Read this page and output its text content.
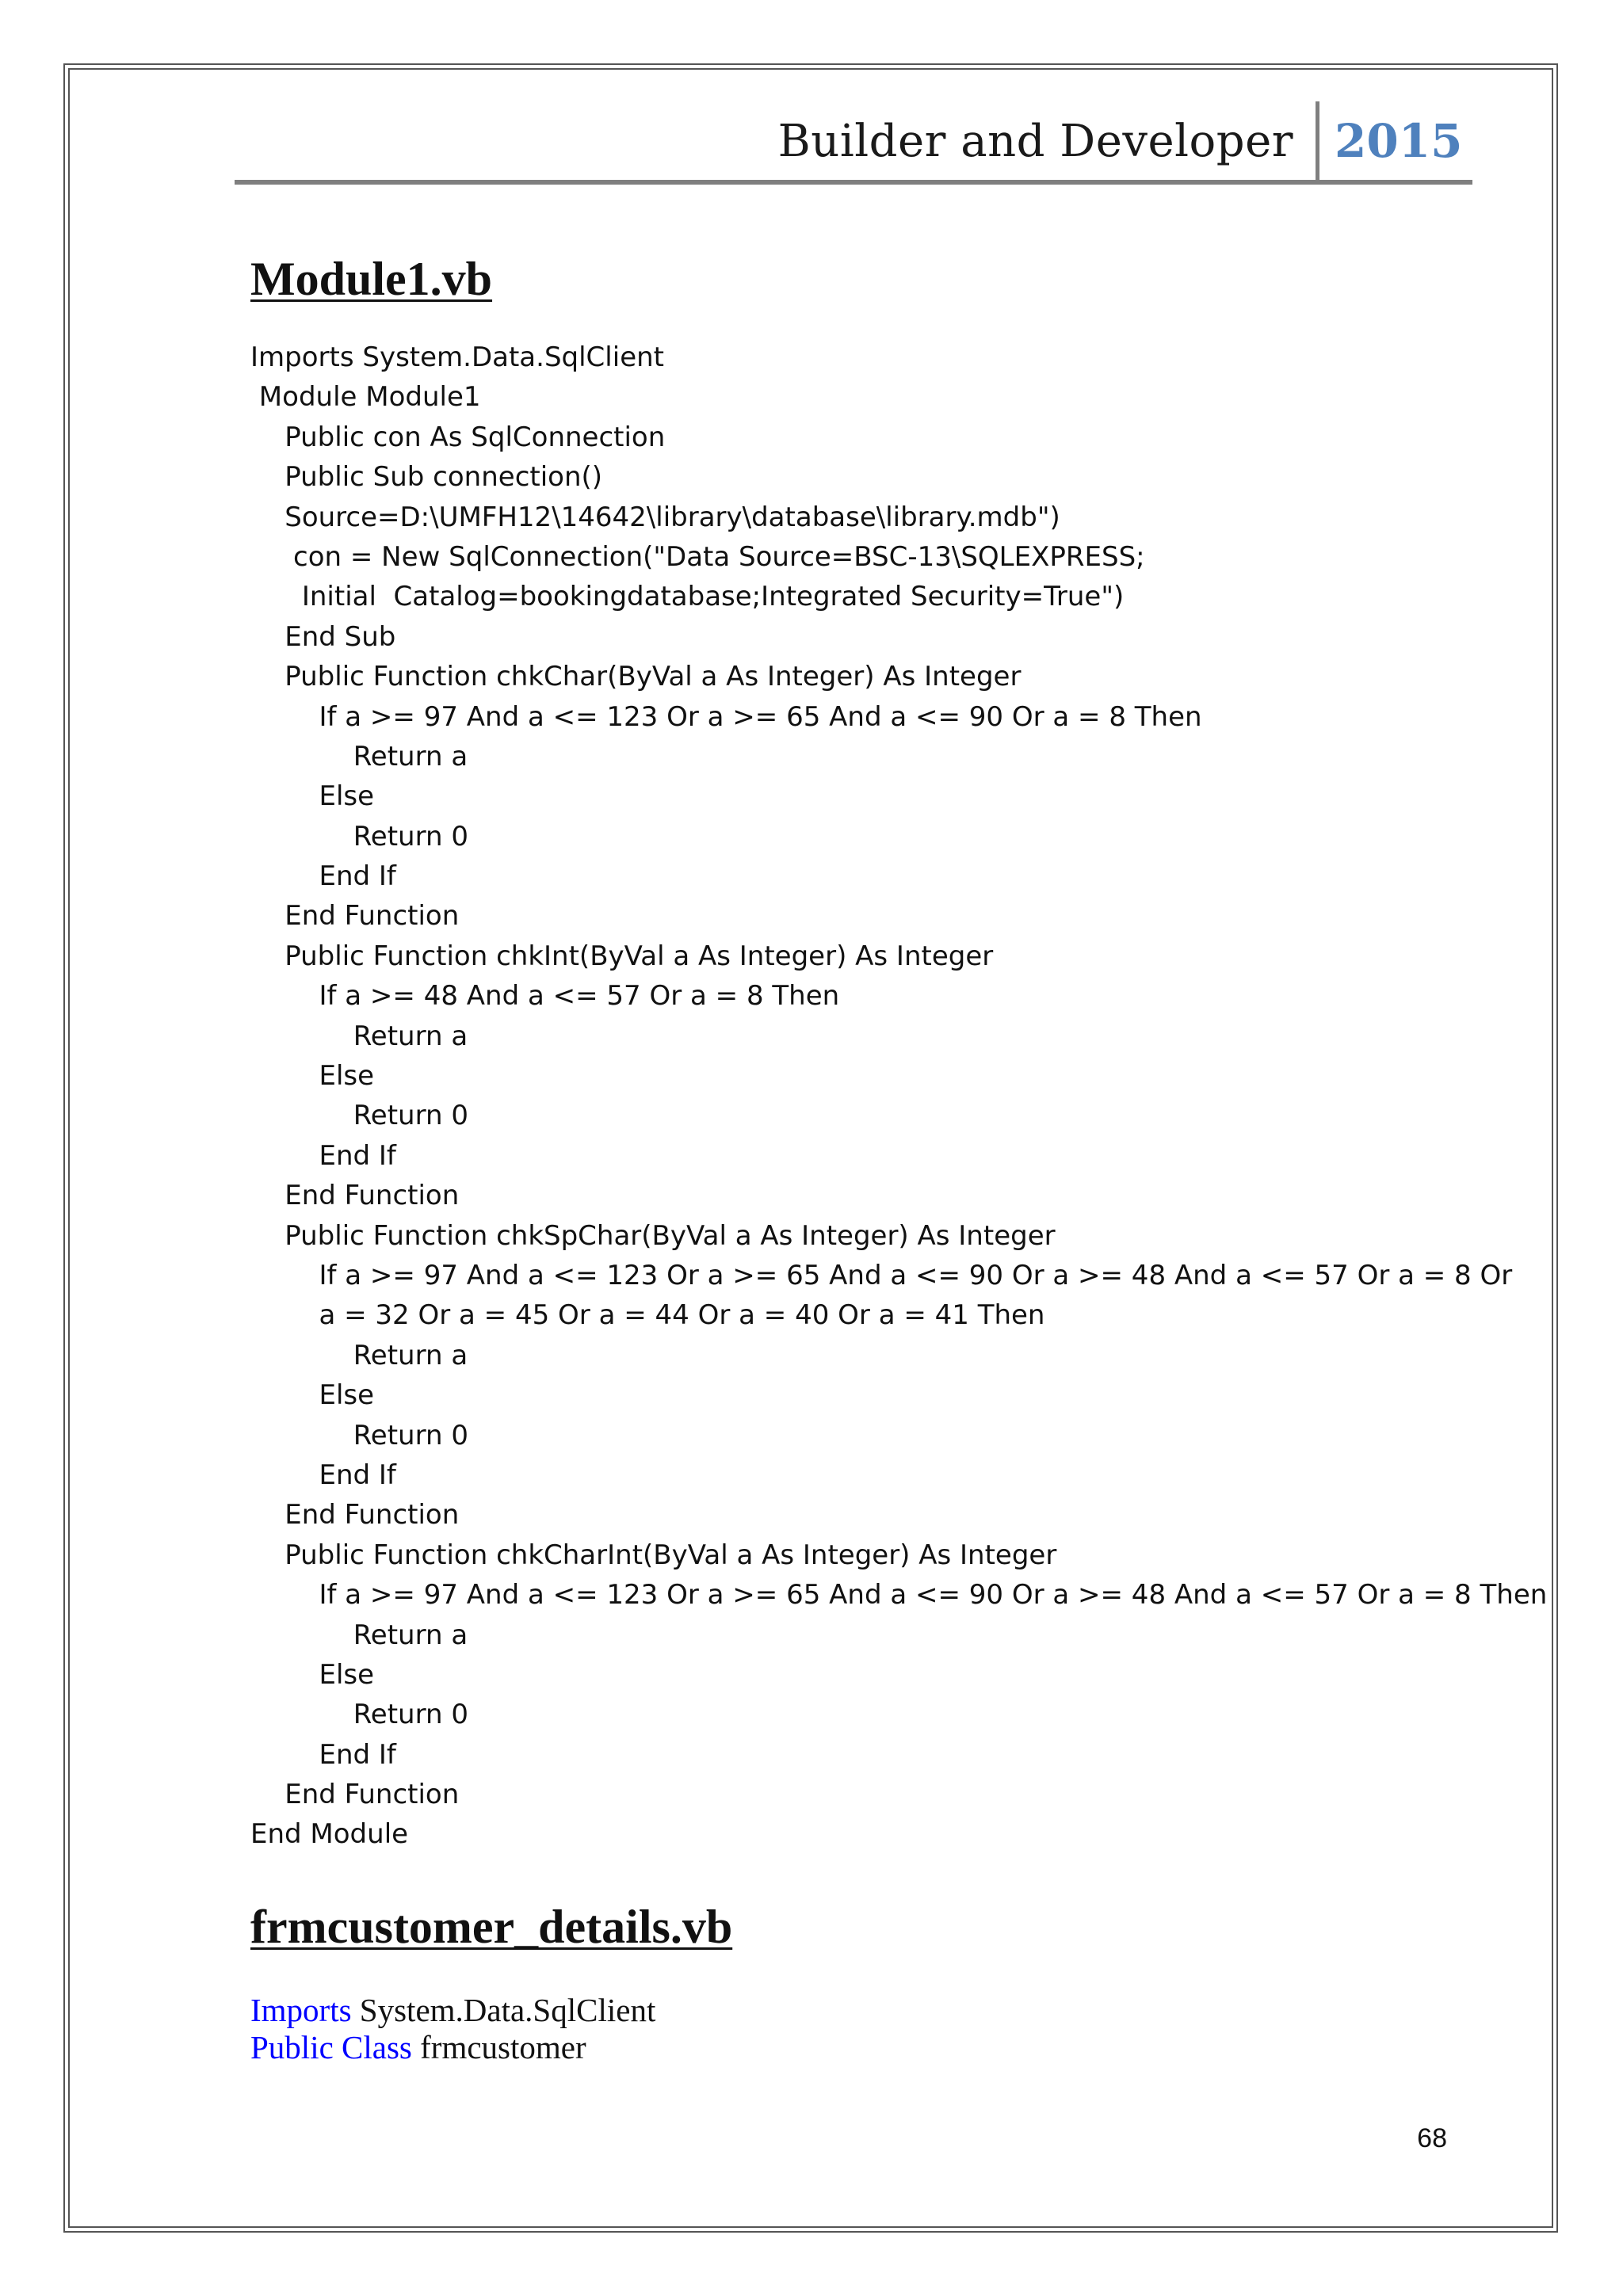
Builder and Developer 2015
Module1.vb
Imports System.Data.SqlClient
Module Module1
Public con As SqlConnection
Public Sub connection()
Source=D:\UMFH12\14642\library\database\library.mdb")
con = New SqlConnection("Data Source=BSC-13\SQLEXPRESS;
Initial  Catalog=bookingdatabase;Integrated Security=True")
End Sub
Public Function chkChar(ByVal a As Integer) As Integer
If a >= 97 And a <= 123 Or a >= 65 And a <= 90 Or a = 8 Then
Return a
Else
Return 0
End If
End Function
Public Function chkInt(ByVal a As Integer) As Integer
If a >= 48 And a <= 57 Or a = 8 Then
Return a
Else
Return 0
End If
End Function
Public Function chkSpChar(ByVal a As Integer) As Integer
If a >= 97 And a <= 123 Or a >= 65 And a <= 90 Or a >= 48 And a <= 57 Or a = 8 Or
a = 32 Or a = 45 Or a = 44 Or a = 40 Or a = 41 Then
Return a
Else
Return 0
End If
End Function
Public Function chkCharInt(ByVal a As Integer) As Integer
If a >= 97 And a <= 123 Or a >= 65 And a <= 90 Or a >= 48 And a <= 57 Or a = 8 Then
Return a
Else
Return 0
End If
End Function
End Module
frmcustomer_details.vb
Imports System.Data.SqlClient
Public Class frmcustomer
68
